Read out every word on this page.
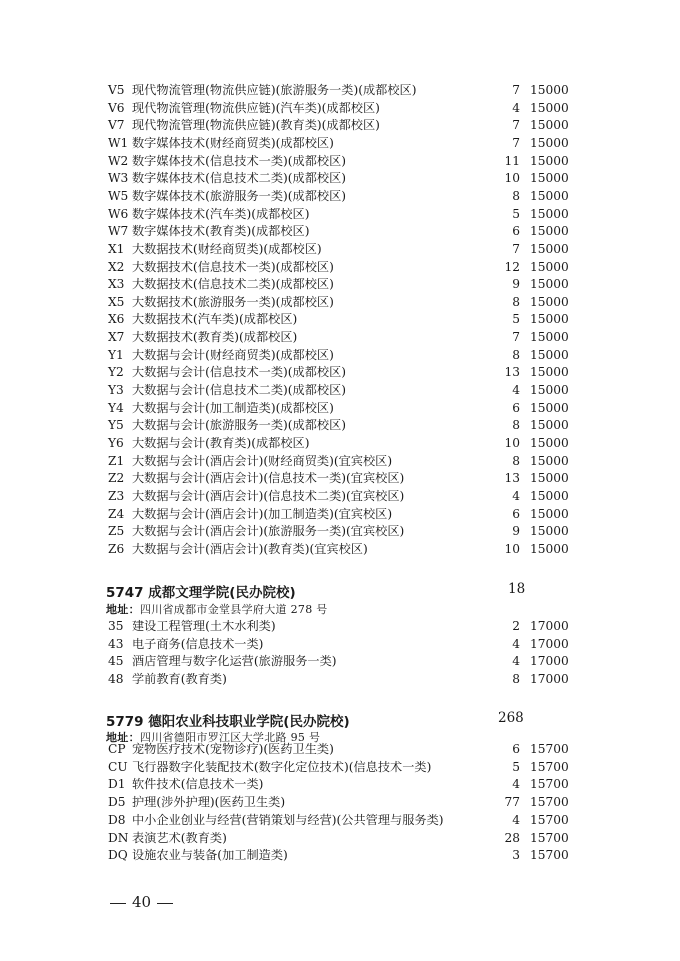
V5 现代物流管理(物流供应链)(旅游服务一类)(成都校区)	7 15000
V6 现代物流管理(物流供应链)(汽车类)(成都校区)	4 15000
V7 现代物流管理(物流供应链)(教育类)(成都校区)	7 15000
W1 数字媒体技术(财经商贸类)(成都校区)	7 15000
W2 数字媒体技术(信息技术一类)(成都校区)	11 15000
W3 数字媒体技术(信息技术二类)(成都校区)	10 15000
W5 数字媒体技术(旅游服务一类)(成都校区)	8 15000
W6 数字媒体技术(汽车类)(成都校区)	5 15000
W7 数字媒体技术(教育类)(成都校区)	6 15000
X1 大数据技术(财经商贸类)(成都校区)	7 15000
X2 大数据技术(信息技术一类)(成都校区)	12 15000
X3 大数据技术(信息技术二类)(成都校区)	9 15000
X5 大数据技术(旅游服务一类)(成都校区)	8 15000
X6 大数据技术(汽车类)(成都校区)	5 15000
X7 大数据技术(教育类)(成都校区)	7 15000
Y1 大数据与会计(财经商贸类)(成都校区)	8 15000
Y2 大数据与会计(信息技术一类)(成都校区)	13 15000
Y3 大数据与会计(信息技术二类)(成都校区)	4 15000
Y4 大数据与会计(加工制造类)(成都校区)	6 15000
Y5 大数据与会计(旅游服务一类)(成都校区)	8 15000
Y6 大数据与会计(教育类)(成都校区)	10 15000
Z1 大数据与会计(酒店会计)(财经商贸类)(宜宾校区)	8 15000
Z2 大数据与会计(酒店会计)(信息技术一类)(宜宾校区)	13 15000
Z3 大数据与会计(酒店会计)(信息技术二类)(宜宾校区)	4 15000
Z4 大数据与会计(酒店会计)(加工制造类)(宜宾校区)	6 15000
Z5 大数据与会计(酒店会计)(旅游服务一类)(宜宾校区)	9 15000
Z6 大数据与会计(酒店会计)(教育类)(宜宾校区)	10 15000
5747 成都文理学院(民办院校)	18
地址：四川省成都市金堂县学府大道 278 号
35 建设工程管理(土木水利类)	2 17000
43 电子商务(信息技术一类)	4 17000
45 酒店管理与数字化运营(旅游服务一类)	4 17000
48 学前教育(教育类)	8 17000
5779 德阳农业科技职业学院(民办院校)	268
地址：四川省德阳市罗江区大学北路 95 号
CP 宠物医疗技术(宠物诊疗)(医药卫生类)	6 15700
CU 飞行器数字化装配技术(数字化定位技术)(信息技术一类)	5 15700
D1 软件技术(信息技术一类)	4 15700
D5 护理(涉外护理)(医药卫生类)	77 15700
D8 中小企业创业与经营(营销策划与经营)(公共管理与服务类)	4 15700
DN 表演艺术(教育类)	28 15700
DQ 设施农业与装备(加工制造类)	3 15700
40
